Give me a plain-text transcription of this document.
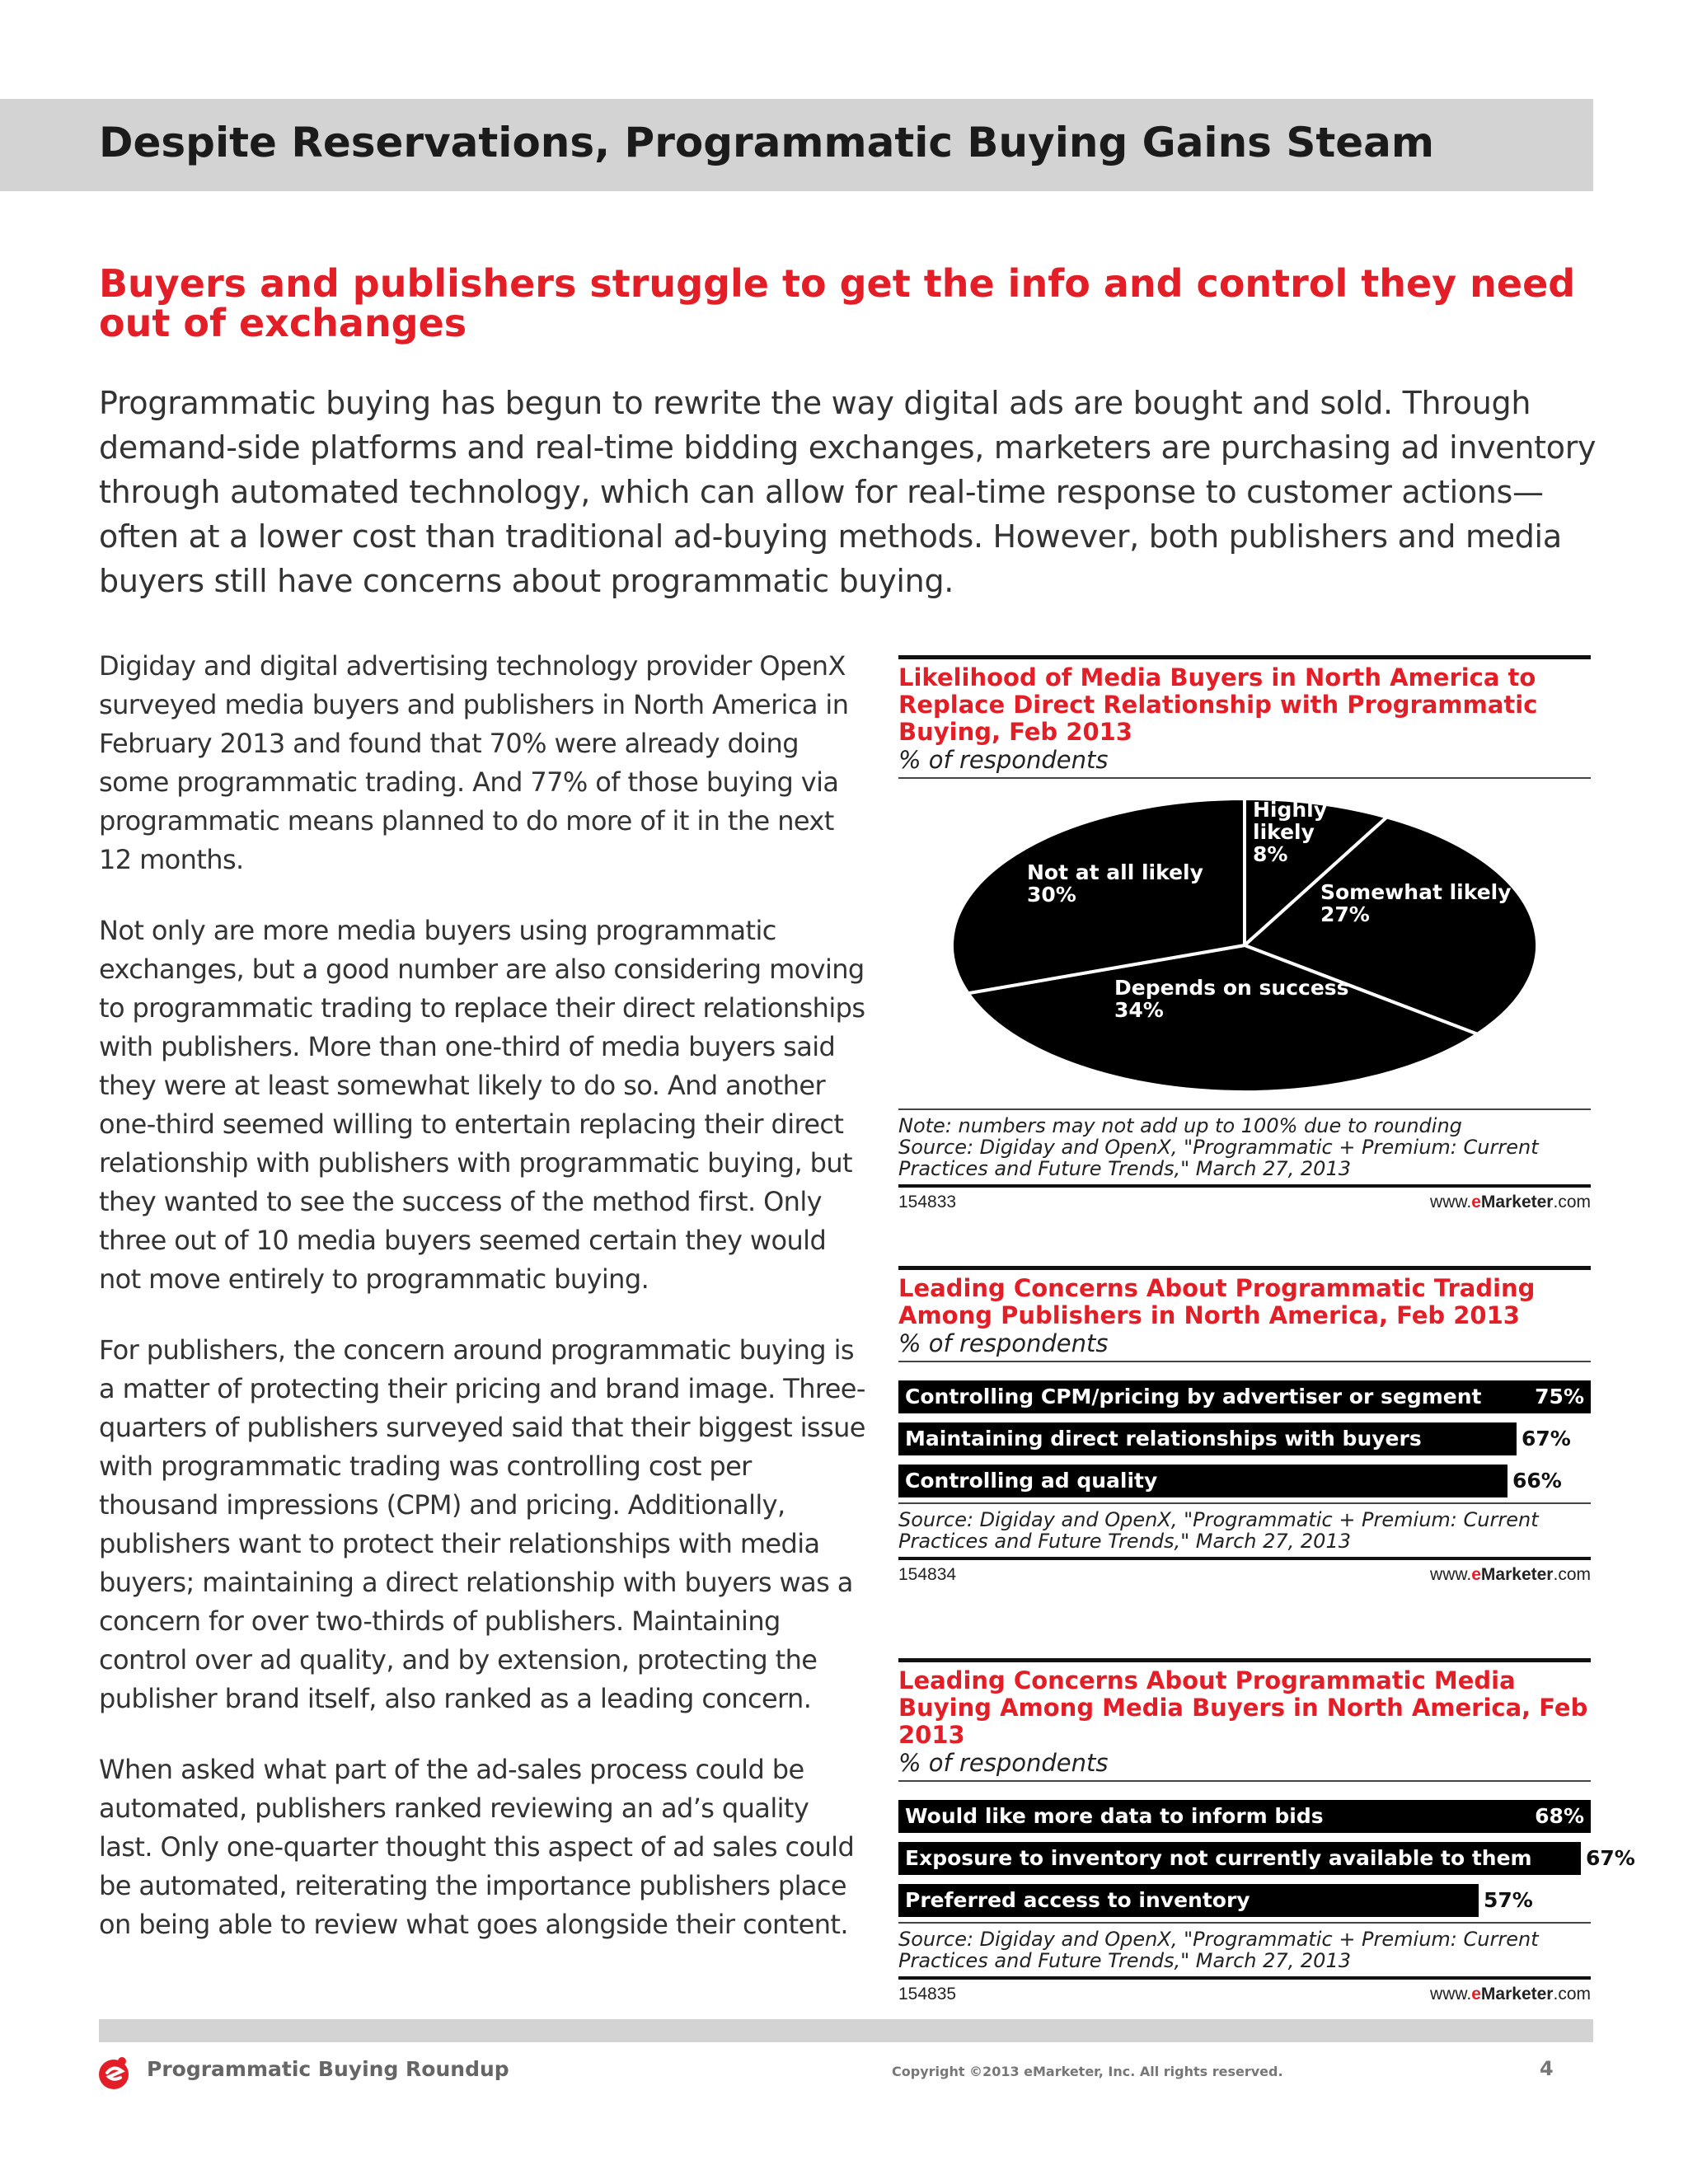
Despite Reservations, Programmatic Buying Gains Steam
Buyers and publishers struggle to get the info and control they need out of exchanges

Programmatic buying has begun to rewrite the way digital ads are bought and sold. Through demand-side platforms and real-time bidding exchanges, marketers are purchasing ad inventory through automated technology, which can allow for real-time response to customer actions—often at a lower cost than traditional ad-buying methods. However, both publishers and media buyers still have concerns about programmatic buying.

Digiday and digital advertising technology provider OpenX surveyed media buyers and publishers in North America in February 2013 and found that 70% were already doing some programmatic trading. And 77% of those buying via programmatic means planned to do more of it in the next 12 months.

Not only are more media buyers using programmatic exchanges, but a good number are also considering moving to programmatic trading to replace their direct relationships with publishers. More than one-third of media buyers said they were at least somewhat likely to do so. And another one-third seemed willing to entertain replacing their direct relationship with publishers with programmatic buying, but they wanted to see the success of the method first. Only three out of 10 media buyers seemed certain they would not move entirely to programmatic buying.

For publishers, the concern around programmatic buying is a matter of protecting their pricing and brand image. Three-quarters of publishers surveyed said that their biggest issue with programmatic trading was controlling cost per thousand impressions (CPM) and pricing. Additionally, publishers want to protect their relationships with media buyers; maintaining a direct relationship with buyers was a concern for over two-thirds of publishers. Maintaining control over ad quality, and by extension, protecting the publisher brand itself, also ranked as a leading concern.

When asked what part of the ad-sales process could be automated, publishers ranked reviewing an ad’s quality last. Only one-quarter thought this aspect of ad sales could be automated, reiterating the importance publishers place on being able to review what goes alongside their content.

Likelihood of Media Buyers in North America to Replace Direct Relationship with Programmatic Buying, Feb 2013
% of respondents
Highly likely
8%
Somewhat likely
27%
Depends on success
34%
Not at all likely
30%
Note: numbers may not add up to 100% due to rounding
Source: Digiday and OpenX, "Programmatic + Premium: Current Practices and Future Trends," March 27, 2013
154833	www.eMarketer.com
Leading Concerns About Programmatic Trading Among Publishers in North America, Feb 2013
% of respondents
Controlling CPM/pricing by advertiser or segment	75%
Maintaining direct relationships with buyers	67%
Controlling ad quality	66%
Source: Digiday and OpenX, "Programmatic + Premium: Current Practices and Future Trends," March 27, 2013
154834	www.eMarketer.com
Leading Concerns About Programmatic Media Buying Among Media Buyers in North America, Feb 2013
% of respondents
Would like more data to inform bids	68%
Exposure to inventory not currently available to them	67%
Preferred access to inventory	57%
Source: Digiday and OpenX, "Programmatic + Premium: Current Practices and Future Trends," March 27, 2013
154835	www.eMarketer.com
Programmatic Buying Roundup	Copyright ©2013 eMarketer, Inc. All rights reserved.	4
